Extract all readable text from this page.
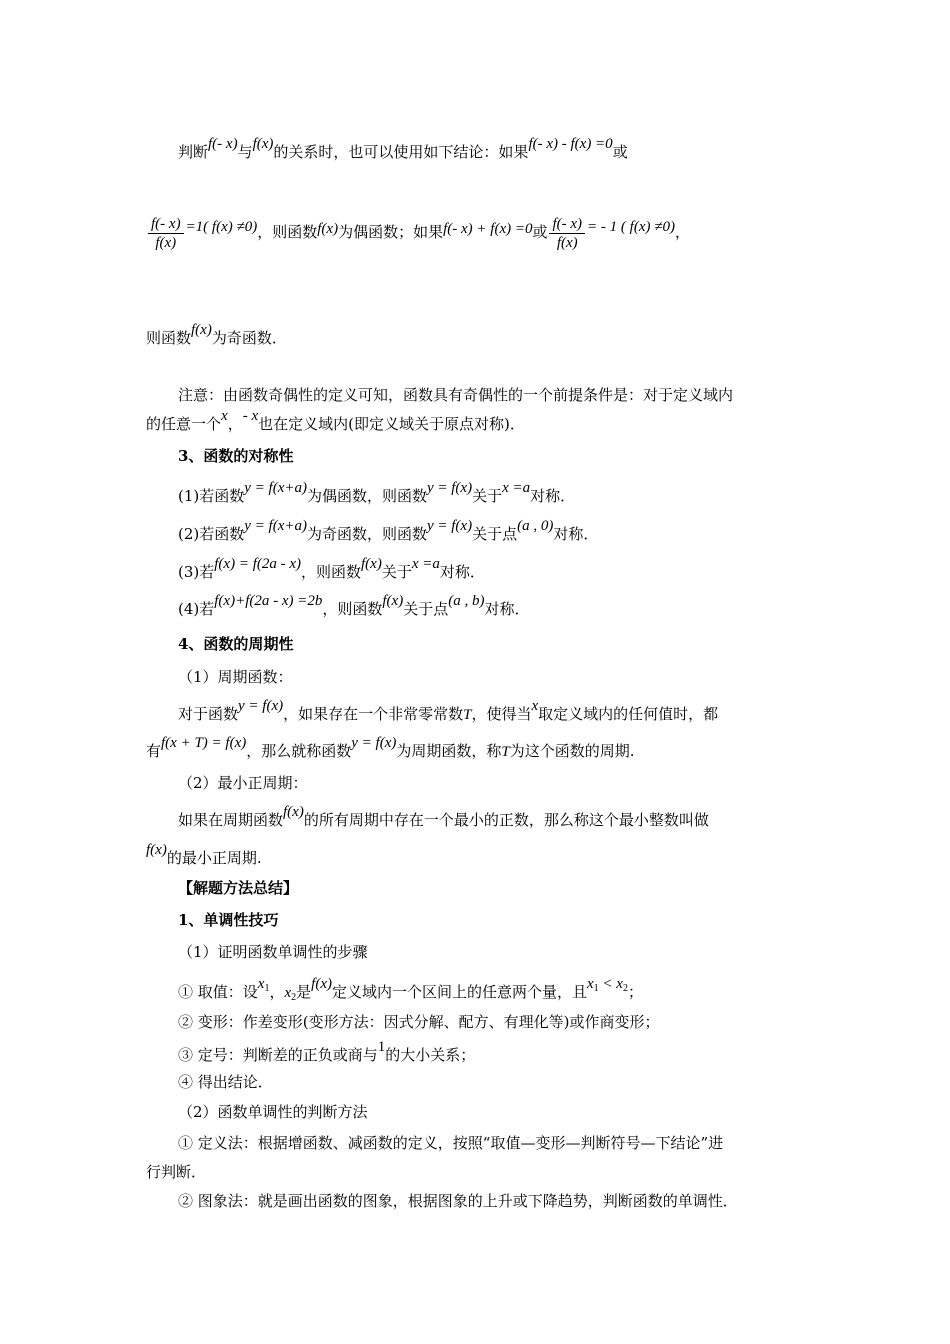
判断f(- x)与f(x)的关系时，也可以使用如下结论：如果f(- x) - f(x) =0或
$\frac{f(- x)}{f(x)} =1$( f(x) ≠0)，则函数f(x)为偶函数；如果f(- x) + f(x) =0或 $\frac{f(- x)}{f(x)}$ = - 1 ( f(x) ≠0)，
则函数f(x)为奇函数．
注意：由函数奇偶性的定义可知，函数具有奇偶性的一个前提条件是：对于定义域内
的任意一个x，- x也在定义域内(即定义域关于原点对称)．
3、函数的对称性
(1)若函数y = f(x+a)为偶函数，则函数y = f(x)关于x =a对称．
(2)若函数y = f(x+a)为奇函数，则函数y = f(x)关于点(a , 0)对称．
(3)若f(x) = f(2a - x)，则函数f(x)关于x =a对称．
(4)若f(x)+f(2a - x) =2b，则函数f(x)关于点(a , b)对称．
4、函数的周期性
（1）周期函数：
对于函数y = f(x)，如果存在一个非常零常数T，使得当x取定义域内的任何值时，都
有f(x + T) = f(x)，那么就称函数y = f(x)为周期函数，称T为这个函数的周期.
（2）最小正周期：
如果在周期函数f(x)的所有周期中存在一个最小的正数，那么称这个最小整数叫做
f(x)的最小正周期.
【解题方法总结】
1、单调性技巧
（1）证明函数单调性的步骤
① 取值：设$x_1$，$x_2$是f(x)定义域内一个区间上的任意两个量，且$x_1 < x_2$；
② 变形：作差变形(变形方法：因式分解、配方、有理化等)或作商变形；
③ 定号：判断差的正负或商与1的大小关系；
④ 得出结论．
（2）函数单调性的判断方法
① 定义法：根据增函数、减函数的定义，按照“取值—变形—判断符号—下结论”进
行判断．
② 图象法：就是画出函数的图象，根据图象的上升或下降趋势，判断函数的单调性．
